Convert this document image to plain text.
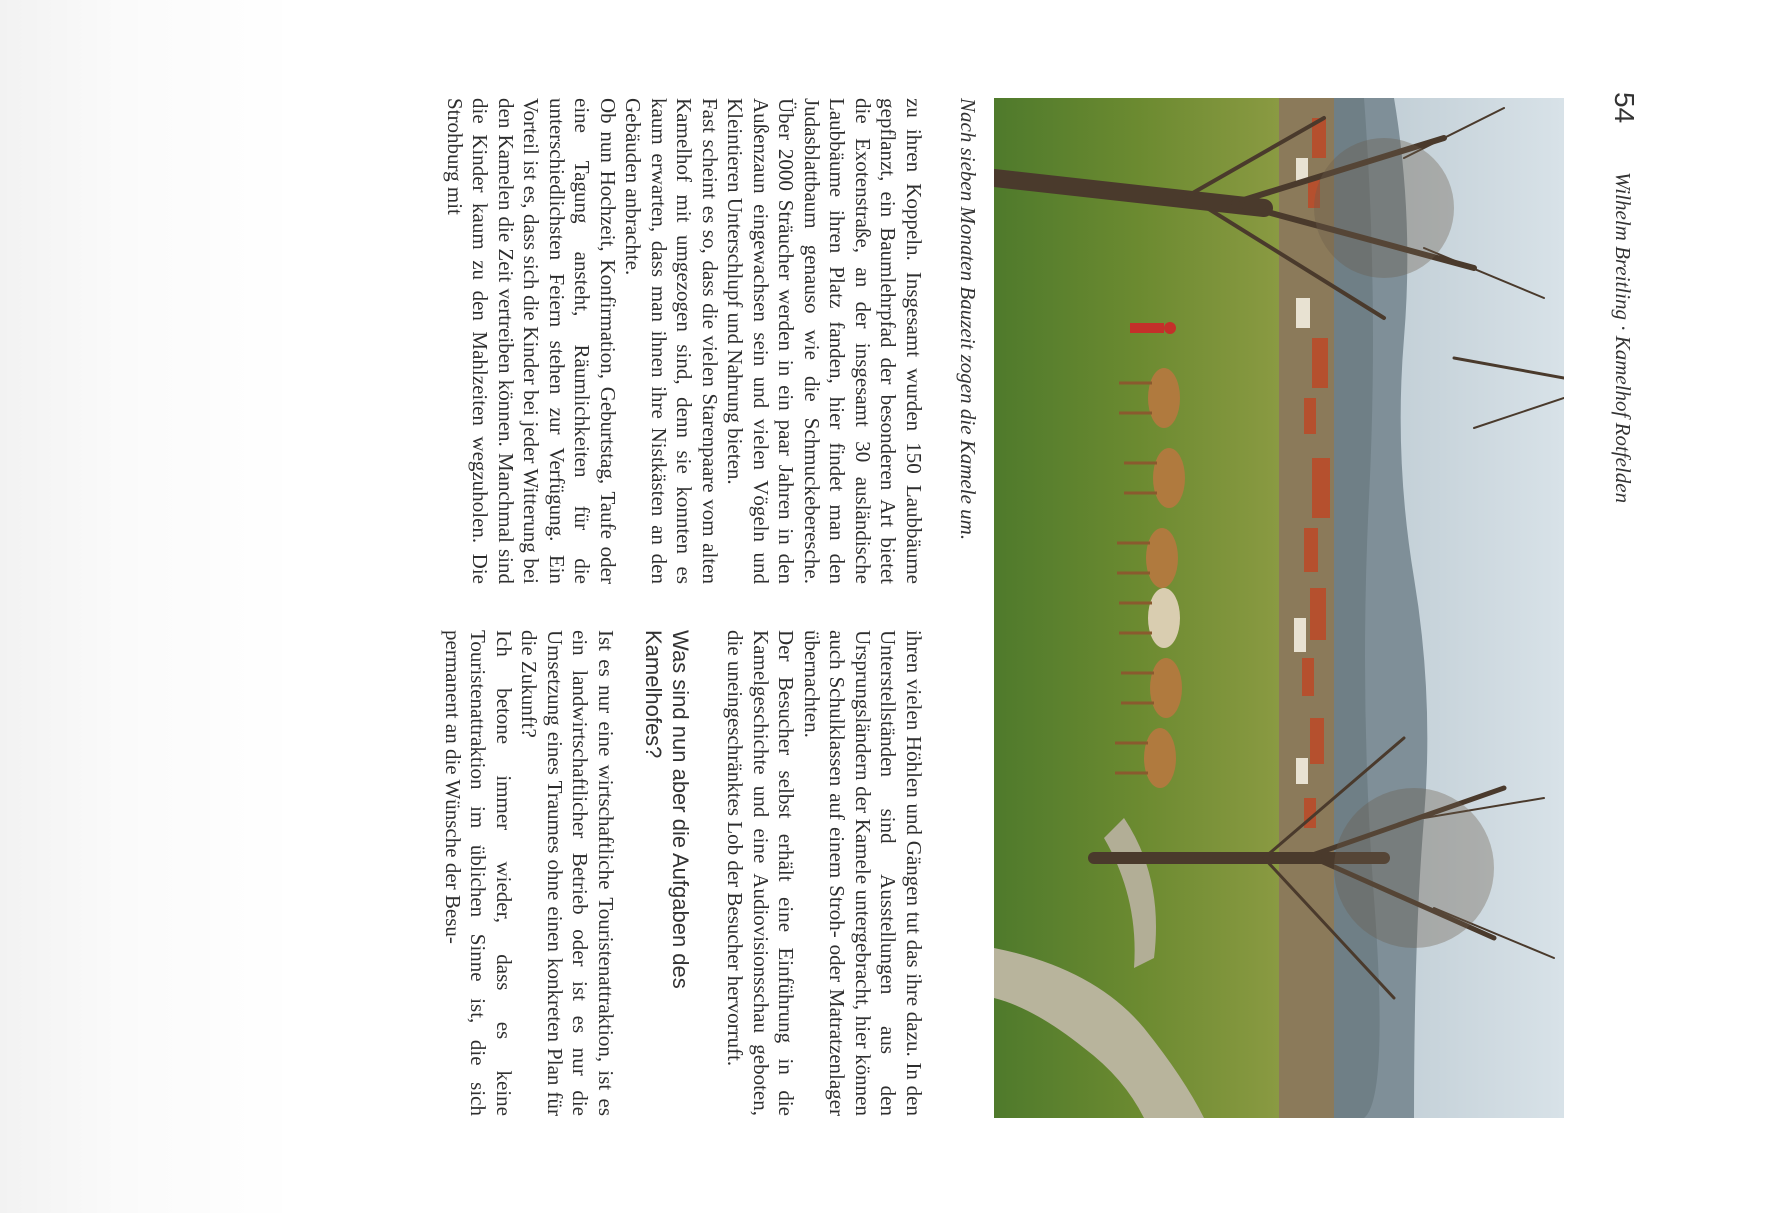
54
Wilhelm Breitling · Kamelhof Rotfelden
Nach sieben Monaten Bauzeit zogen die Kamele um.

zu ihren Koppeln. Insgesamt wurden 150 Laubbäume gepflanzt, ein Baumlehrpfad der besonderen Art bietet die Exotenstraße, an der insgesamt 30 ausländische Laubbäume ihren Platz fanden, hier findet man den Judasblattbaum genauso wie die Schmuckeberesche. Über 2000 Sträucher werden in ein paar Jahren in den Außenzaun eingewachsen sein und vielen Vögeln und Kleintieren Unterschlupf und Nahrung bieten.

Fast scheint es so, dass die vielen Starenpaare vom alten Kamelhof mit umgezogen sind, denn sie konnten es kaum erwarten, dass man ihnen ihre Nistkästen an den Gebäuden anbrachte.

Ob nun Hochzeit, Konfirmation, Geburtstag, Taufe oder eine Tagung ansteht, Räumlichkeiten für die unterschiedlichsten Feiern stehen zur Verfügung. Ein Vorteil ist es, dass sich die Kinder bei jeder Witterung bei den Kamelen die Zeit vertreiben können. Manchmal sind die Kinder kaum zu den Mahlzeiten wegzuholen. Die Strohburg mit

ihren vielen Höhlen und Gängen tut das ihre dazu. In den Unterstellständen sind Ausstellungen aus den Ursprungsländern der Kamele untergebracht, hier können auch Schulklassen auf einem Stroh- oder Matratzenlager übernachten.

Der Besucher selbst erhält eine Einführung in die Kamelgeschichte und eine Audiovisionsschau geboten, die uneingeschränktes Lob der Besucher hervorruft.

Was sind nun aber die Aufgaben des Kamelhofes?

Ist es nur eine wirtschaftliche Touristenattraktion, ist es ein landwirtschaftlicher Betrieb oder ist es nur die Umsetzung eines Traumes ohne einen konkreten Plan für die Zukunft?

Ich betone immer wieder, dass es keine Touristenattraktion im üblichen Sinne ist, die sich permanent an die Wünsche der Besu-
